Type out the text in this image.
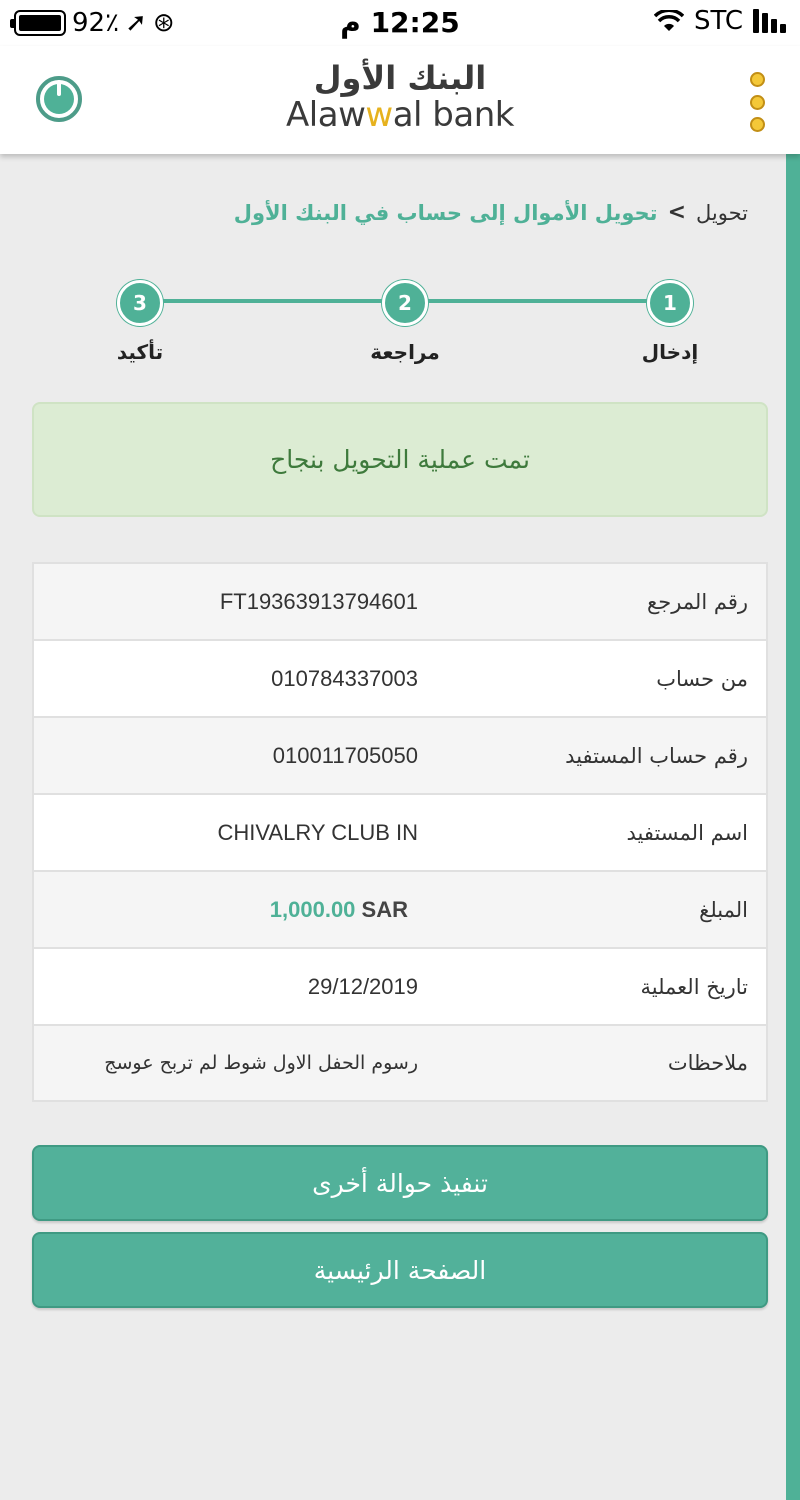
92٪ ➚ ⊛	12:25 م	STC
البنك الأول
Alawwal bank
تحويل
>
تحويل الأموال إلى حساب في البنك الأول
1
إدخال
2
مراجعة
3
تأكيد
تمت عملية التحويل بنجاح
رقم المرجع
FT19363913794601
من حساب
010784337003
رقم حساب المستفيد
010011705050
اسم المستفيد
CHIVALRY CLUB IN
المبلغ
1,000.00
SAR
تاريخ العملية
29/12/2019
ملاحظات
رسوم الحفل الاول شوط لم تربح عوسج
تنفيذ حوالة أخرى
الصفحة الرئيسية
